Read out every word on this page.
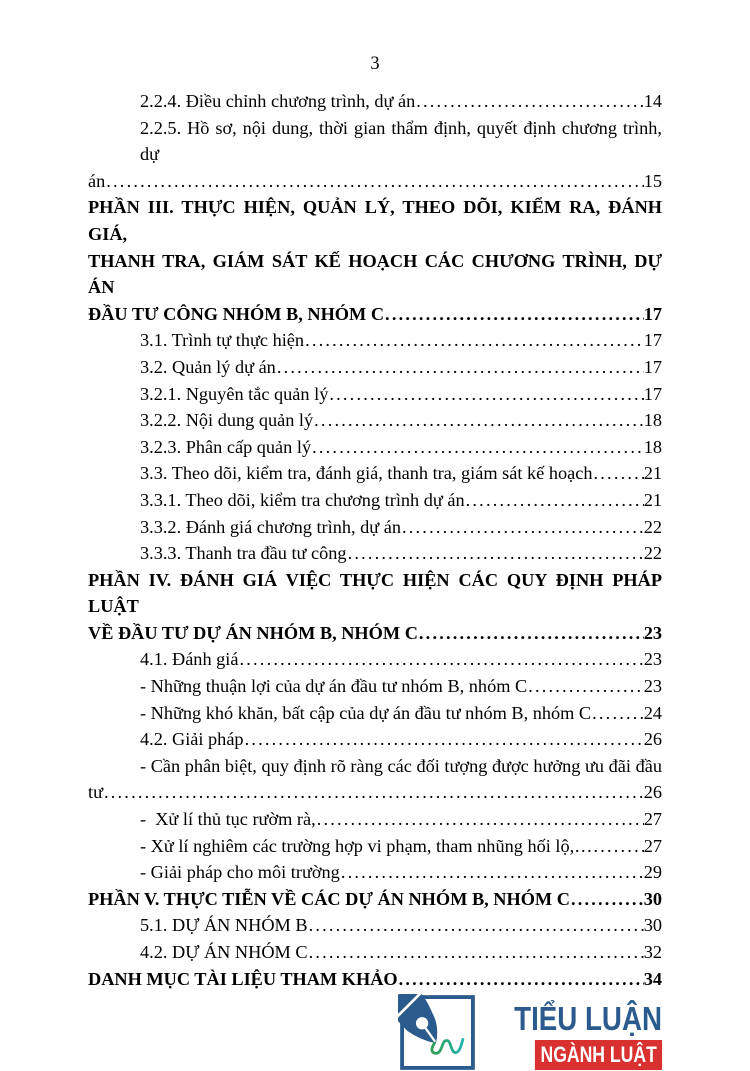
3
2.2.4. Điều chỉnh chương trình, dự án .....	14
2.2.5. Hồ sơ, nội dung, thời gian thẩm định, quyết định chương trình, dự
án .....	15
PHẦN III. THỰC HIỆN, QUẢN LÝ, THEO DÕI, KIỂM RA, ĐÁNH GIÁ,
THANH TRA, GIÁM SÁT KẾ HOẠCH CÁC CHƯƠNG TRÌNH, DỰ ÁN
ĐẦU TƯ CÔNG NHÓM B, NHÓM C .....	17
3.1. Trình tự thực hiện .....	17
3.2. Quản lý dự án .....	17
3.2.1. Nguyên tắc quản lý .....	17
3.2.2. Nội dung quản lý .....	18
3.2.3. Phân cấp quản lý .....	18
3.3. Theo dõi, kiểm tra, đánh giá, thanh tra, giám sát kế hoạch .....	21
3.3.1. Theo dõi, kiểm tra chương trình dự án .....	21
3.3.2. Đánh giá chương trình, dự án .....	22
3.3.3. Thanh tra đầu tư công .....	22
PHẦN IV. ĐÁNH GIÁ VIỆC THỰC HIỆN CÁC QUY ĐỊNH PHÁP LUẬT
VỀ ĐẦU TƯ DỰ ÁN NHÓM B, NHÓM C .....	23
4.1. Đánh giá .....	23
- Những thuận lợi của dự án đầu tư nhóm B, nhóm C .....	23
- Những khó khăn, bất cập của dự án đầu tư nhóm B, nhóm C .....	24
4.2. Giải pháp .....	26
- Cần phân biệt, quy định rõ ràng các đối tượng được hưởng ưu đãi đầu
tư .....	26
-  Xử lí thủ tục rườm rà, .....	27
- Xử lí nghiêm các trường hợp vi phạm, tham nhũng hối lộ,… .....	27
- Giải pháp cho môi trường .....	29
PHẦN V. THỰC TIỄN VỀ CÁC DỰ ÁN NHÓM B, NHÓM C .....	30
5.1. DỰ ÁN NHÓM B .....	30
4.2. DỰ ÁN NHÓM C .....	32
DANH MỤC TÀI LIỆU THAM KHẢO .....	34
TIỂU LUẬN
NGÀNH LUẬT
